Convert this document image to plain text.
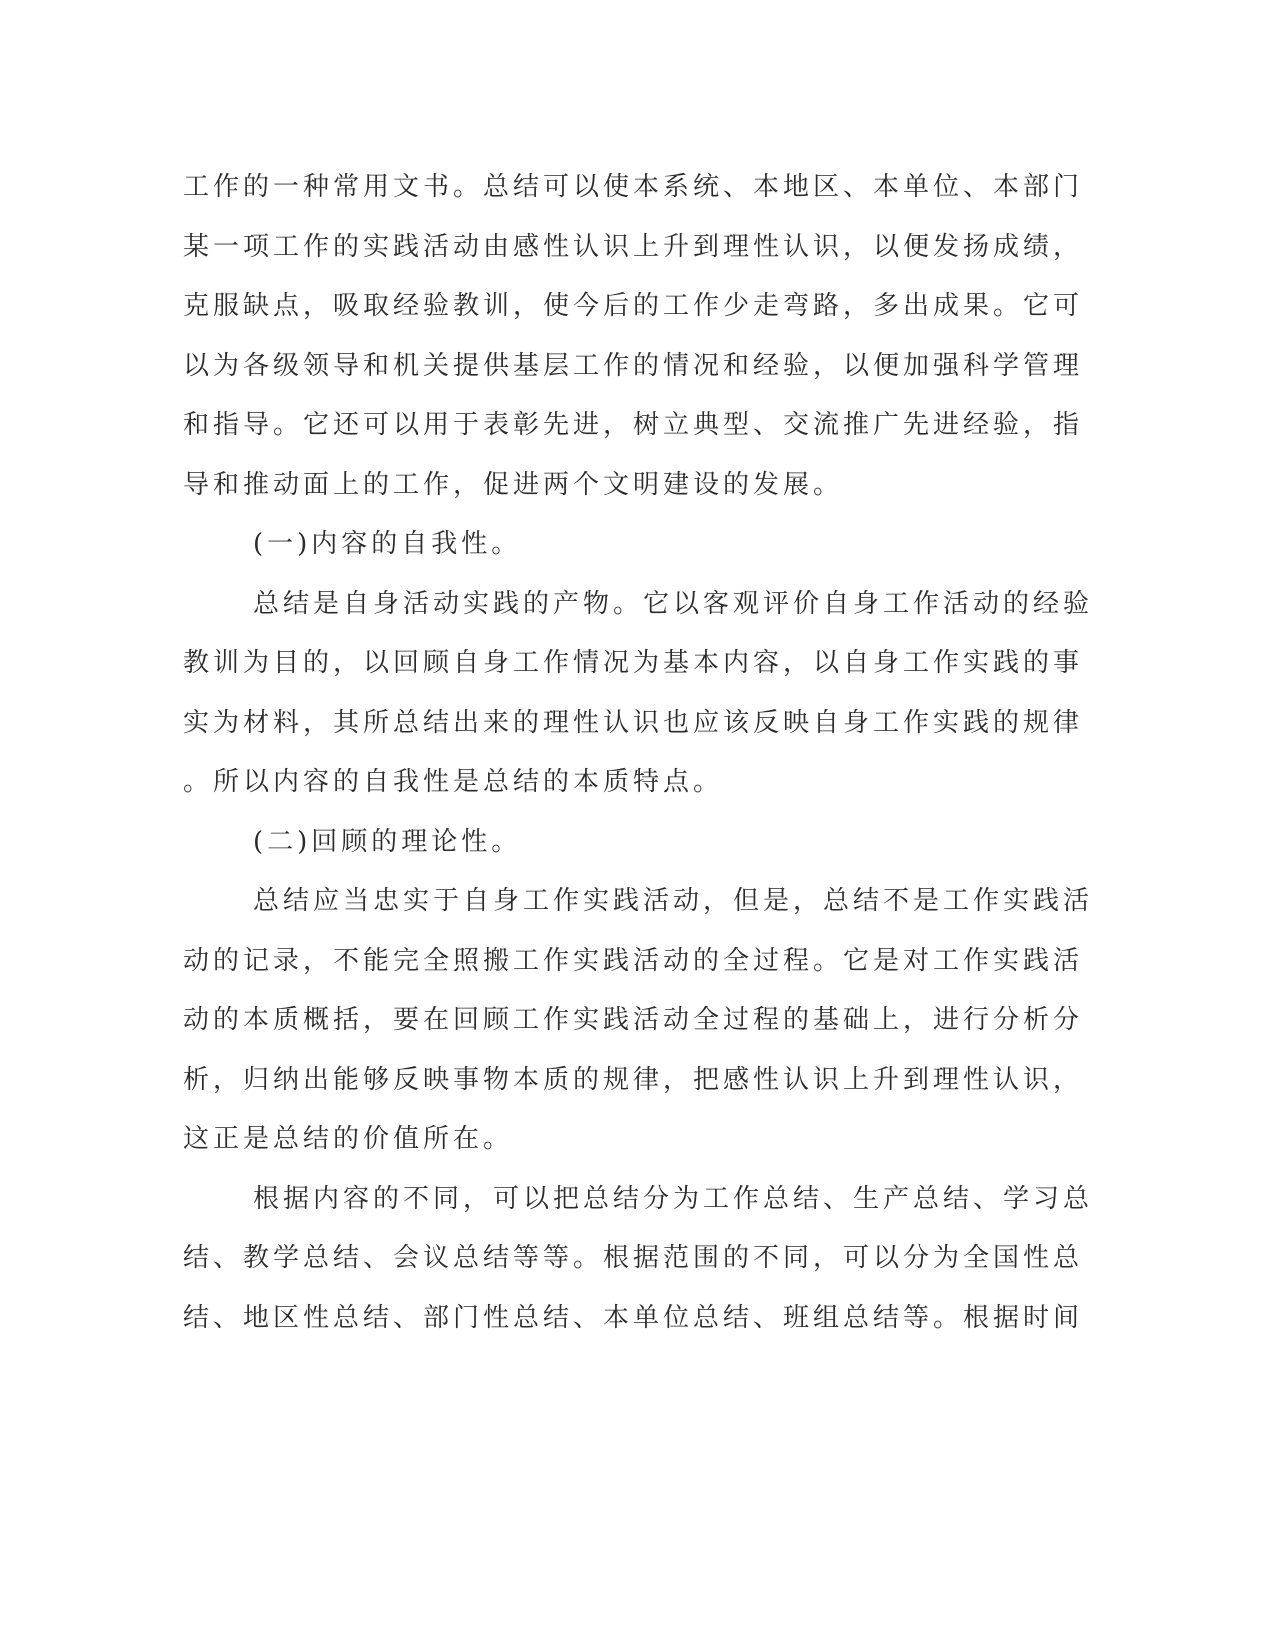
工作的一种常用文书。总结可以使本系统、本地区、本单位、本部门
某一项工作的实践活动由感性认识上升到理性认识，以便发扬成绩，
克服缺点，吸取经验教训，使今后的工作少走弯路，多出成果。它可
以为各级领导和机关提供基层工作的情况和经验，以便加强科学管理
和指导。它还可以用于表彰先进，树立典型、交流推广先进经验，指
导和推动面上的工作，促进两个文明建设的发展。
(一)内容的自我性。
总结是自身活动实践的产物。它以客观评价自身工作活动的经验
教训为目的，以回顾自身工作情况为基本内容，以自身工作实践的事
实为材料，其所总结出来的理性认识也应该反映自身工作实践的规律
。所以内容的自我性是总结的本质特点。
(二)回顾的理论性。
总结应当忠实于自身工作实践活动，但是，总结不是工作实践活
动的记录，不能完全照搬工作实践活动的全过程。它是对工作实践活
动的本质概括，要在回顾工作实践活动全过程的基础上，进行分析分
析，归纳出能够反映事物本质的规律，把感性认识上升到理性认识，
这正是总结的价值所在。
根据内容的不同，可以把总结分为工作总结、生产总结、学习总
结、教学总结、会议总结等等。根据范围的不同，可以分为全国性总
结、地区性总结、部门性总结、本单位总结、班组总结等。根据时间
